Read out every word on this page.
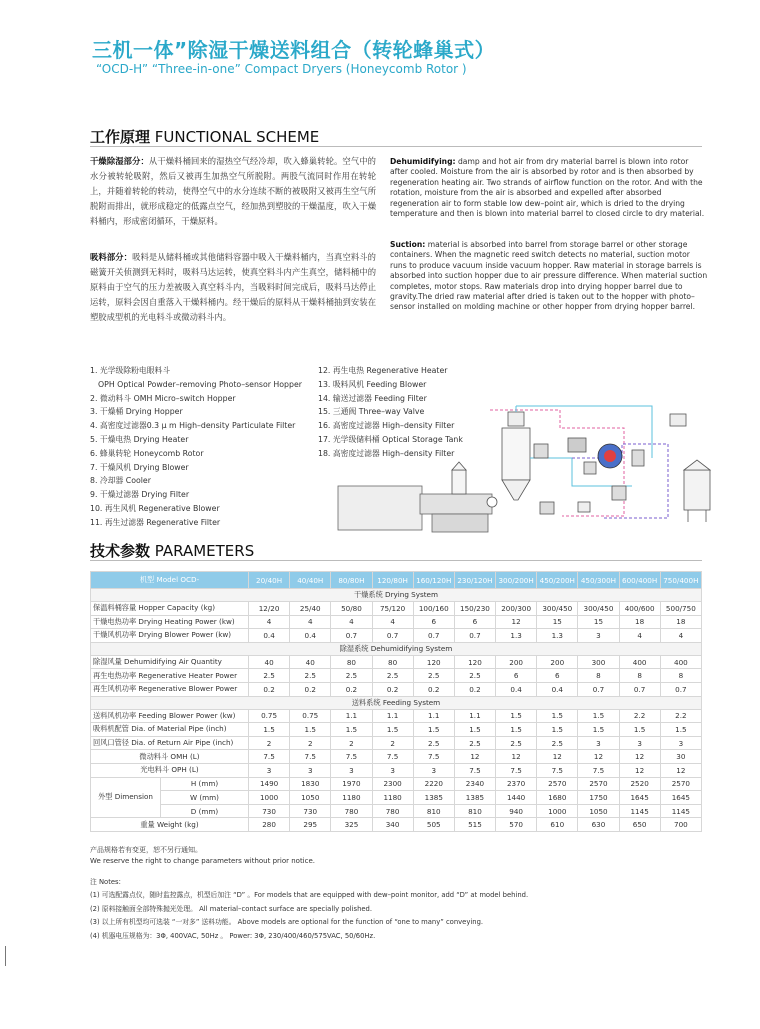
三机一体”除湿干燥送料组合（转轮蜂巢式）
“OCD-H” “Three-in-one” Compact Dryers (Honeycomb Rotor )
工作原理 FUNCTIONAL SCHEME
干燥除湿部分：从干燥料桶回来的湿热空气经冷却，吹入蜂巢转轮。空气中的水分被转轮吸附，然后又被再生加热空气所脱附。两股气流同时作用在转轮上，并随着转轮的转动，使得空气中的水分连续不断的被吸附又被再生空气所脱附而排出，就形成稳定的低露点空气，经加热到塑胶的干燥温度，吹入干燥料桶内，形成密闭循环，干燥原料。
吸料部分：吸料是从储料桶或其他储料容器中吸入干燥料桶内，当真空料斗的磁簧开关侦测到无料时，吸料马达运转，使真空料斗内产生真空，储料桶中的原料由于空气的压力差被吸入真空料斗内，当吸料时间完成后，吸料马达停止运转，原料会因自重落入干燥料桶内。经干燥后的原料从干燥料桶抽到安装在塑胶成型机的光电料斗或微动料斗内。
Dehumidifying: damp and hot air from dry material barrel is blown into rotor after cooled. Moisture from the air is absorbed by rotor and is then absorbed by regeneration heating air. Two strands of airflow function on the rotor. And with the rotation, moisture from the air is absorbed and expelled after absorbed regeneration air to form stable low dew–point air, which is dried to the drying temperature and then is blown into material barrel to closed circle to dry material.
Suction: material is absorbed into barrel from storage barrel or other storage containers. When the magnetic reed switch detects no material, suction motor runs to produce vacuum inside vacuum hopper. Raw material in storage barrels is absorbed into suction hopper due to air pressure difference. When material suction completes, motor stops. Raw materials drop into drying hopper barrel due to gravity.The dried raw material after dried is taken out to the hopper with photo–sensor installed on molding machine or other hopper from drying hopper barrel.
1. 光学级除粉电眼料斗
OPH Optical Powder–removing Photo–sensor Hopper
2. 微动料斗 OMH Micro–switch Hopper
3. 干燥桶 Drying Hopper
4. 高密度过滤器0.3 μ m High–density Particulate Filter
5. 干燥电热 Drying Heater
6. 蜂巢转轮 Honeycomb Rotor
7. 干燥风机 Drying Blower
8. 冷却器 Cooler
9. 干燥过滤器 Drying Filter
10. 再生风机 Regenerative Blower
11. 再生过滤器 Regenerative Filter
12. 再生电热 Regenerative Heater
13. 吸料风机 Feeding Blower
14. 输送过滤器 Feeding Filter
15. 三通阀 Three–way Valve
16. 高密度过滤器 High–density Filter
17. 光学级储料桶 Optical Storage Tank
18. 高密度过滤器 High–density Filter
技术参数 PARAMETERS
机型 Model OCD-		20/40H	40/40H	80/80H	120/80H	160/120H	230/120H	300/200H	450/200H	450/300H	600/400H	750/400H
干燥系统 Drying System												
保温料桶容量 Hopper Capacity (kg)		12/20	25/40	50/80	75/120	100/160	150/230	200/300	300/450	300/450	400/600	500/750
干燥电热功率 Drying Heating Power (kw)		4	4	4	4	6	6	12	15	15	18	18
干燥风机功率 Drying Blower Power (kw)		0.4	0.4	0.7	0.7	0.7	0.7	1.3	1.3	3	4	4
除湿系统 Dehumidifying System												
除湿风量 Dehumidifying Air Quantity		40	40	80	80	120	120	200	200	300	400	400
再生电热功率 Regenerative Heater Power		2.5	2.5	2.5	2.5	2.5	2.5	6	6	8	8	8
再生风机功率 Regenerative Blower Power		0.2	0.2	0.2	0.2	0.2	0.2	0.4	0.4	0.7	0.7	0.7
送料系统 Feeding System												
送料风机功率 Feeding Blower Power (kw)		0.75	0.75	1.1	1.1	1.1	1.1	1.5	1.5	1.5	2.2	2.2
吸料机配管 Dia. of Material Pipe (inch)		1.5	1.5	1.5	1.5	1.5	1.5	1.5	1.5	1.5	1.5	1.5
回风口管径 Dia. of Return Air Pipe (inch)		2	2	2	2	2.5	2.5	2.5	2.5	3	3	3
微动料斗 OMH (L)		7.5	7.5	7.5	7.5	7.5	12	12	12	12	12	30
光电料斗 OPH (L)		3	3	3	3	3	7.5	7.5	7.5	7.5	12	12
外型 Dimension	H (mm)	1490	1830	1970	2300	2220	2340	2370	2570	2570	2520	2570
	W (mm)	1000	1050	1180	1180	1385	1385	1440	1680	1750	1645	1645
	D (mm)	730	730	780	780	810	810	940	1000	1050	1145	1145
重量 Weight (kg)		280	295	325	340	505	515	570	610	630	650	700
产品规格若有变更，恕不另行通知。
We reserve the right to change parameters without prior notice.
注 Notes:
(1) 可选配露点仪，随时监控露点，机型后加注 “D” 。For models that are equipped with dew–point monitor, add “D” at model behind.
(2) 原料接触面全部特殊抛光处理。 All material–contact surface are specially polished.
(3) 以上所有机型均可选装 “一对多” 送料功能。 Above models are optional for the function of “one to many” conveying.
(4) 机器电压规格为：3Φ, 400VAC, 50Hz 。 Power: 3Φ, 230/400/460/575VAC, 50/60Hz.
